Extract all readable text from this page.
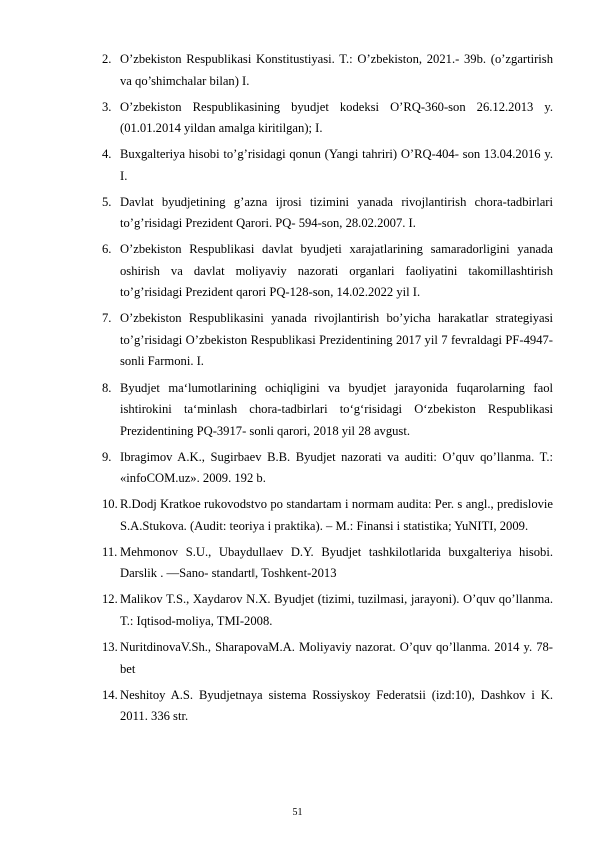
2. O’zbekiston Respublikasi Konstitustiyasi. T.: O’zbekiston, 2021.- 39b. (o’zgartirish va qo’shimchalar bilan) I.
3. O’zbekiston Respublikasining byudjet kodeksi O’RQ-360-son 26.12.2013 y. (01.01.2014 yildan amalga kiritilgan); I.
4. Buxgalteriya hisobi to’g’risidagi qonun (Yangi tahriri) O’RQ-404- son 13.04.2016 y. I.
5. Davlat byudjetining g’azna ijrosi tizimini yanada rivojlantirish chora-tadbirlari to’g’risidagi Prezident Qarori. PQ- 594-son, 28.02.2007. I.
6. O’zbekiston Respublikasi davlat byudjeti xarajatlarining samaradorligini yanada oshirish va davlat moliyaviy nazorati organlari faoliyatini takomillashtirish to’g’risidagi Prezident qarori PQ-128-son, 14.02.2022 yil I.
7. O’zbekiston Respublikasini yanada rivojlantirish bo’yicha harakatlar strategiyasi to’g’risidagi O’zbekiston Respublikasi Prezidentining 2017 yil 7 fevraldagi PF-4947-sonli Farmoni. I.
8. Byudjet ma‘lumotlarining ochiqligini va byudjet jarayonida fuqarolarning faol ishtirokini ta‘minlash chora-tadbirlari to‘g‘risidagi O‘zbekiston Respublikasi Prezidentining PQ-3917- sonli qarori, 2018 yil 28 avgust.
9. Ibragimov A.K., Sugirbaev B.B. Byudjet nazorati va auditi: O’quv qo’llanma. T.: «infoCOM.uz». 2009. 192 b.
10. R.Dodj Kratkoe rukovodstvo po standartam i normam audita: Per. s angl., predislovie S.A.Stukova. (Audit: teoriya i praktika). – M.: Finansi i statistika; YuNITI, 2009.
11. Mehmonov S.U., Ubaydullaev D.Y. Byudjet tashkilotlarida buxgalteriya hisobi. Darslik . ―Sano- standart‖, Toshkent-2013
12. Malikov T.S., Xaydarov N.X. Byudjet (tizimi, tuzilmasi, jarayoni). O’quv qo’llanma. T.: Iqtisod-moliya, TMI-2008.
13. NuritdinovaV.Sh., SharapovaM.A. Moliyaviy nazorat. O’quv qo’llanma. 2014 y. 78-bet
14. Neshitoy A.S. Byudjetnaya sistema Rossiyskoy Federatsii (izd:10), Dashkov i K. 2011. 336 str.
51
